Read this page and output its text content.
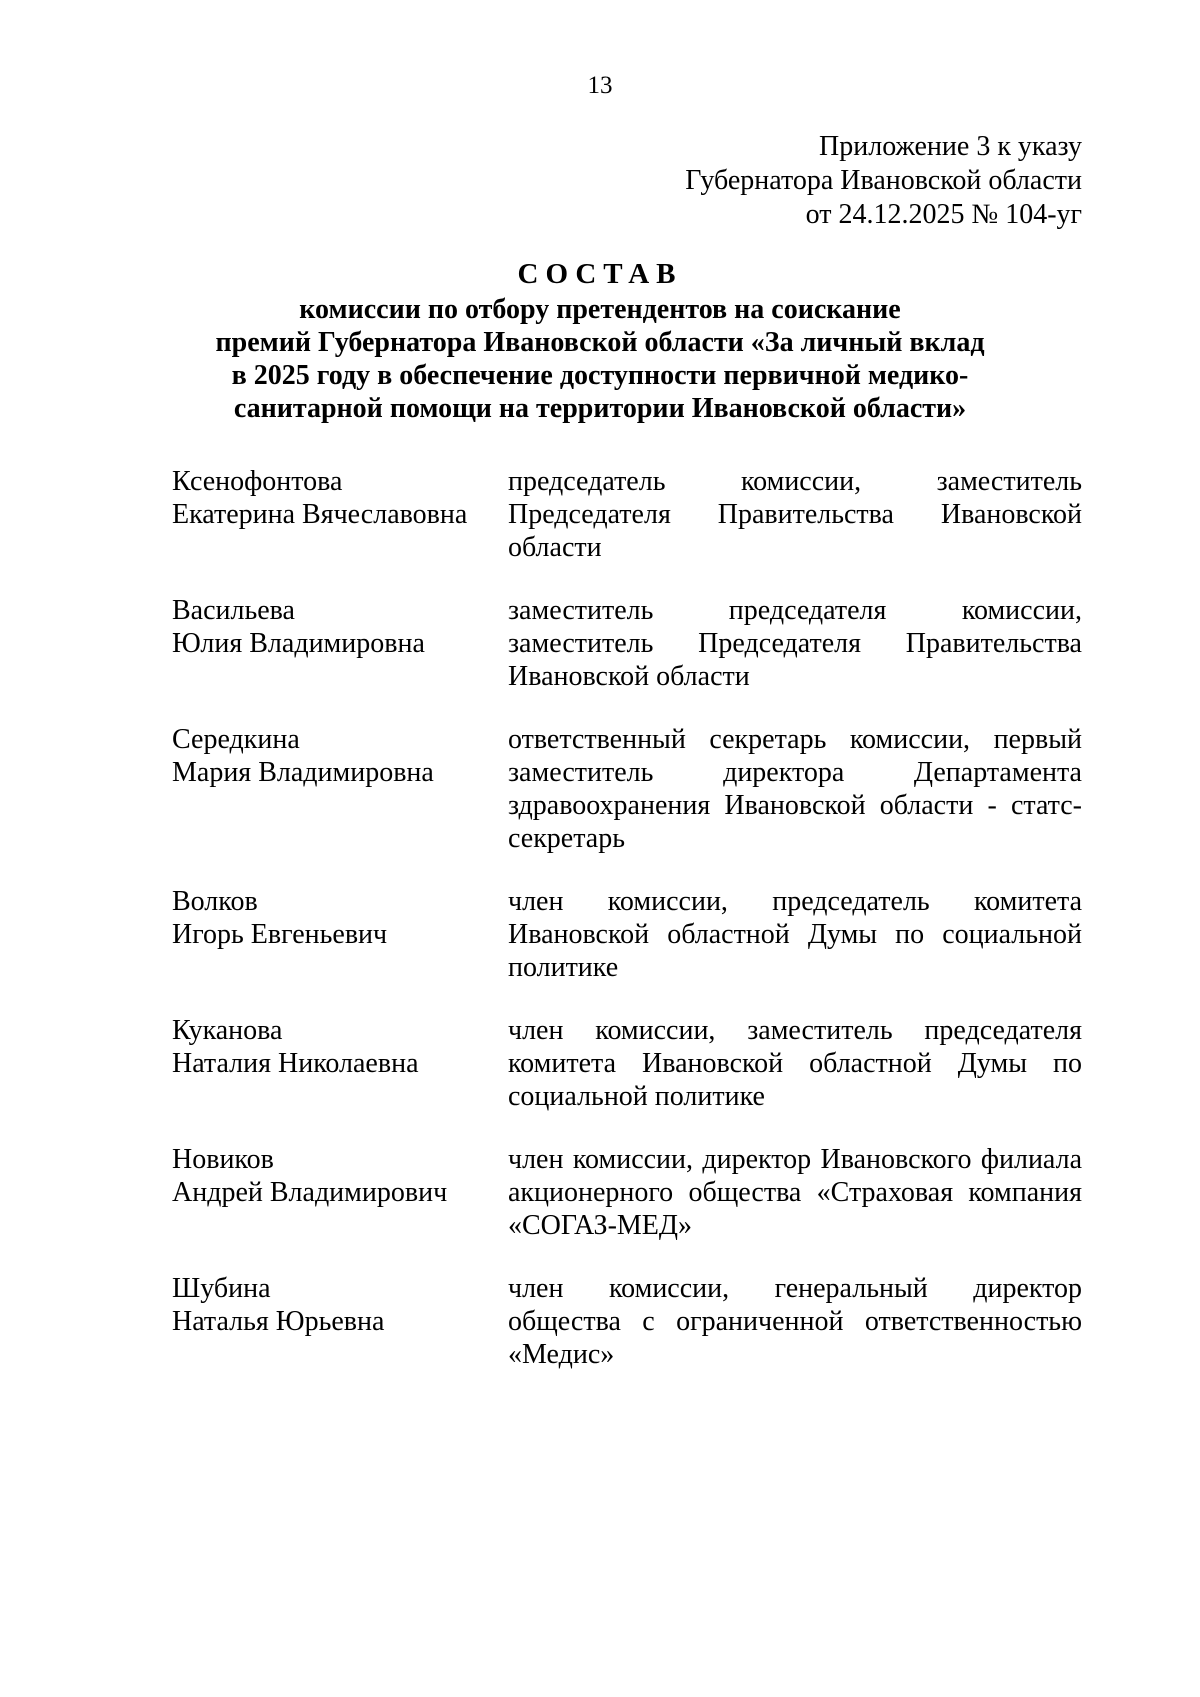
13
Приложение 3 к указу
Губернатора Ивановской области
от 24.12.2025 № 104-уг
СОСТАВ
комиссии по отбору претендентов на соискание
премий Губернатора Ивановской области «За личный вклад
в 2025 году в обеспечение доступности первичной медико-
санитарной помощи на территории Ивановской области»
Ксенофонтова
Екатерина Вячеславовна
председатель комиссии, заместитель Председателя Правительства Ивановской области
Васильева
Юлия Владимировна
заместитель председателя комиссии, заместитель Председателя Правительства Ивановской области
Середкина
Мария Владимировна
ответственный секретарь комиссии, первый заместитель директора Департамента здравоохранения Ивановской области - статс-секретарь
Волков
Игорь Евгеньевич
член комиссии, председатель комитета Ивановской областной Думы по социальной политике
Куканова
Наталия Николаевна
член комиссии, заместитель председателя комитета Ивановской областной Думы по социальной политике
Новиков
Андрей Владимирович
член комиссии, директор Ивановского филиала акционерного общества «Страховая компания «СОГАЗ-МЕД»
Шубина
Наталья Юрьевна
член комиссии, генеральный директор общества с ограниченной ответственностью «Медис»
